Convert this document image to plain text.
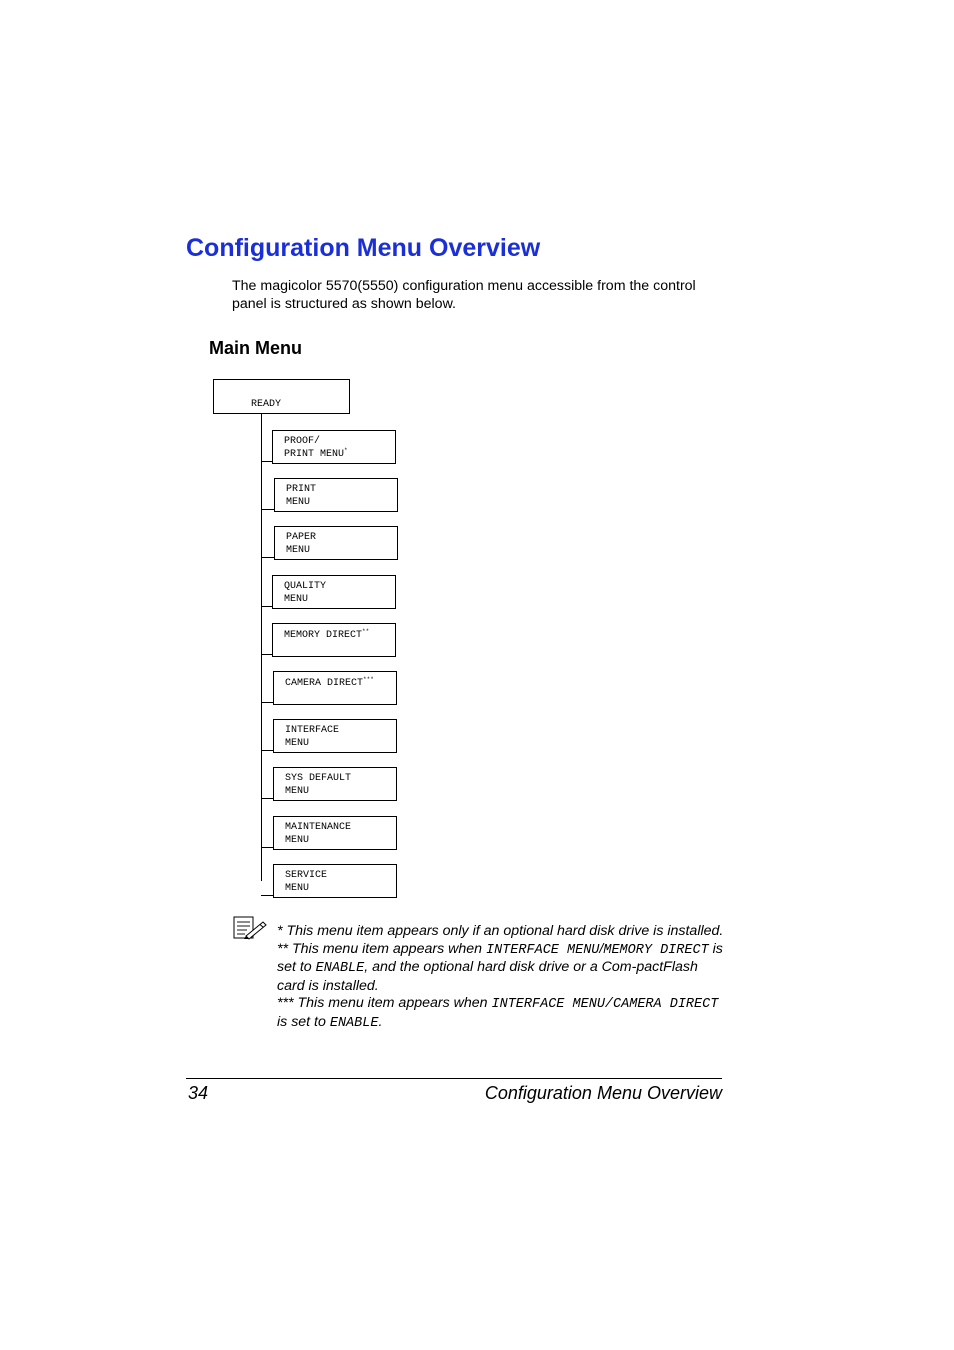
Configuration Menu Overview

The magicolor 5570(5550) configuration menu accessible from the control panel is structured as shown below.

Main Menu

READY

PROOF/
PRINT MENU*
PRINT
MENU
PAPER
MENU
QUALITY
MENU
MEMORY DIRECT**
CAMERA DIRECT***
INTERFACE
MENU
SYS DEFAULT
MENU
MAINTENANCE
MENU
SERVICE
MENU

* This menu item appears only if an optional hard disk drive is installed.

** This menu item appears when INTERFACE MENU/MEMORY DIRECT is set to ENABLE, and the optional hard disk drive or a Com-pactFlash card is installed.

*** This menu item appears when INTERFACE MENU/CAMERA DIRECT is set to ENABLE.

34	Configuration Menu Overview
